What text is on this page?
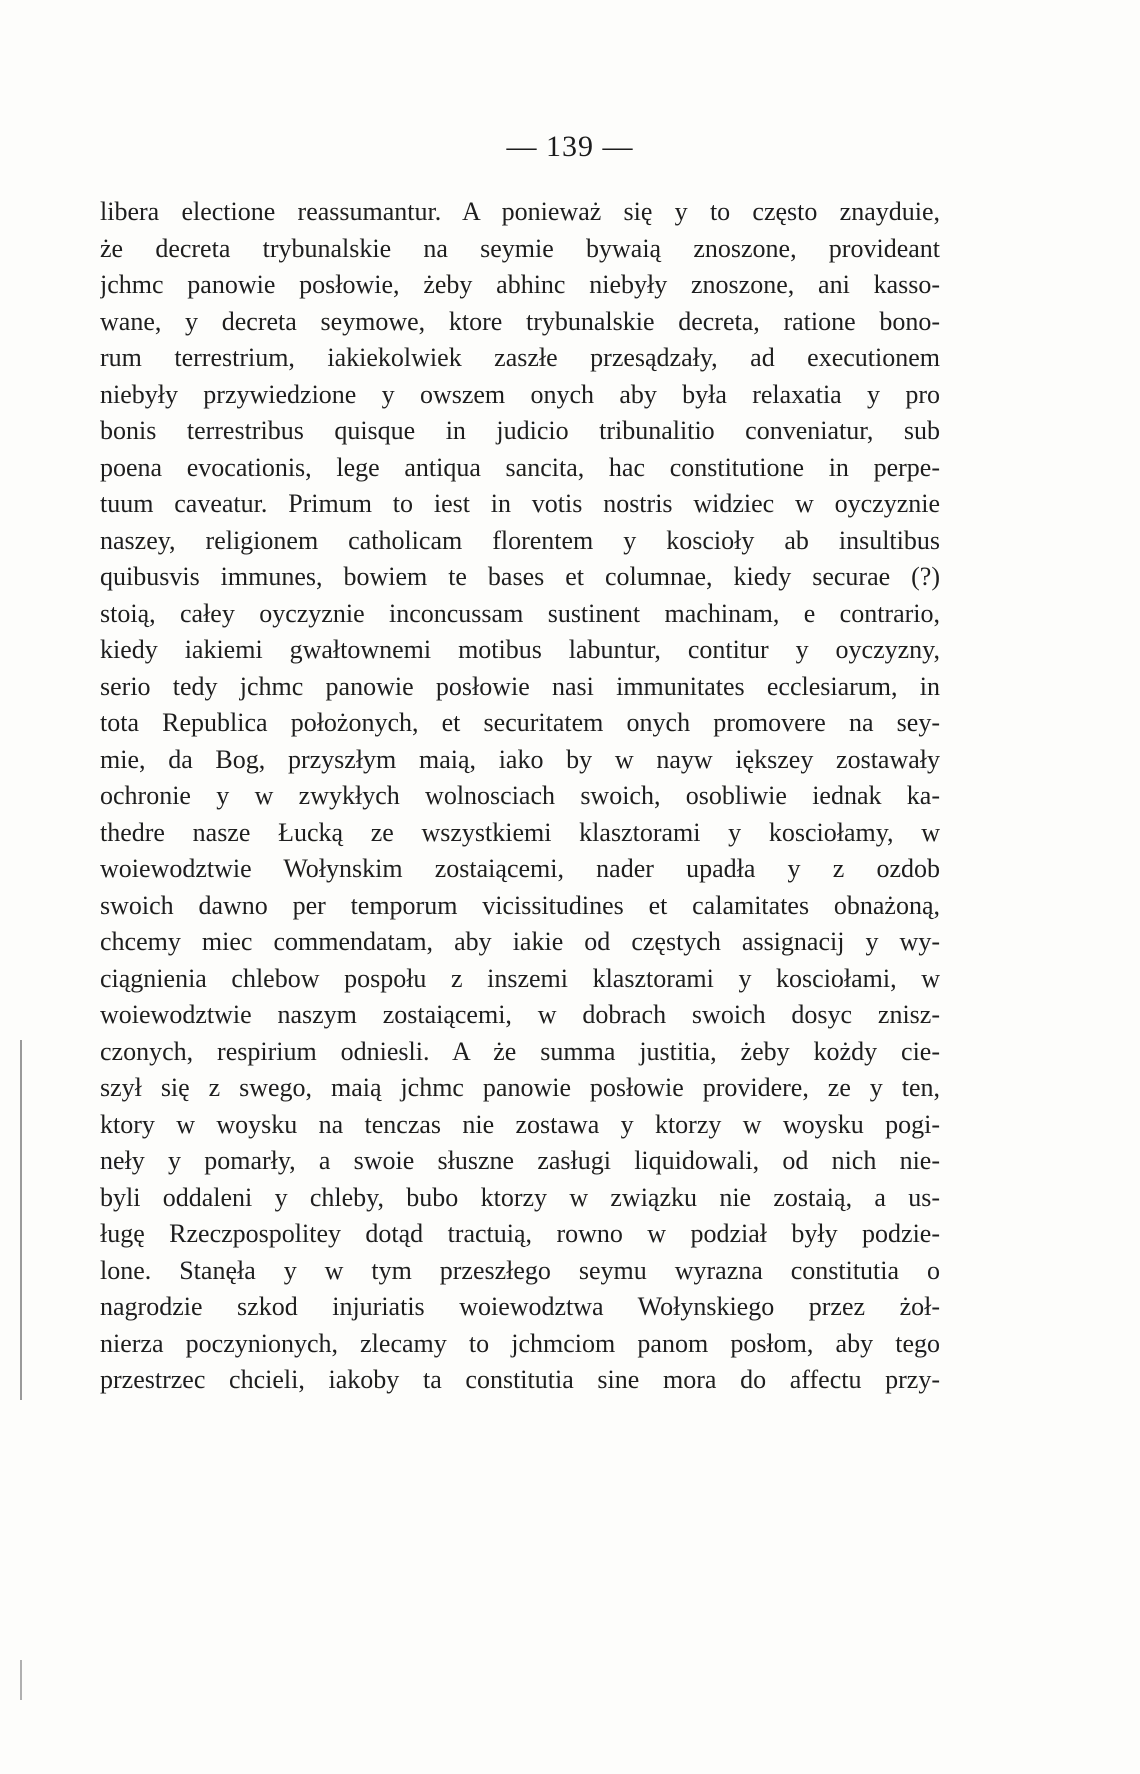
— 139 —
libera electione reassumantur. A ponieważ się y to często znayduie,
że decreta trybunalskie na seymie bywaią znoszone, provideant
jchmc panowie posłowie, żeby abhinc niebyły znoszone, ani kasso-
wane, y decreta seymowe, ktore trybunalskie decreta, ratione bono-
rum terrestrium, iakiekolwiek zaszłe przesądzały, ad executionem
niebyły przywiedzione y owszem onych aby była relaxatia y pro
bonis terrestribus quisque in judicio tribunalitio conveniatur, sub
poena evocationis, lege antiqua sancita, hac constitutione in perpe-
tuum caveatur. Primum to iest in votis nostris widziec w oyczyznie
naszey, religionem catholicam florentem y kosciołу ab insultibus
quibusvis immunes, bowiem te bases et columnae, kiedy securae (?)
stoią, całey oyczyznie inconcussam sustinent machinam, e contrario,
kiedy iakiemi gwałtownemi motibus labuntur, contitur y oyczyzny,
serio tedy jchmc panowie posłowie nasi immunitates ecclesiarum, in
tota Republica położonych, et securitatem onych promovere na sey-
mie, da Bog, przyszłym maią, iako by w nayw iększey zostawały
ochronie y w zwykłych wolnosciach swoich, osobliwie iednak ka-
thedre nasze Łucką ze wszystkiemi klasztorami y kosciołamy, w
woiewodztwie Wołynskim zostaiącemi, nader upadła y z ozdob
swoich dawno per temporum vicissitudines et calamitates obnażoną,
chcemy miec commendatam, aby iakie od częstych assignacij y wy-
ciągnienia chlebow pospołu z inszemi klasztorami y kosciołami, w
woiewodztwie naszym zostaiącemi, w dobrach swoich dosyc znisz-
czonych, respirium odniesli. A że summa justitia, żeby kożdy cie-
szył się z swego, maią jchmc panowie posłowie providere, ze y ten,
ktory w woysku na tenczas nie zostawa y ktorzy w woysku pogi-
neły y pomarły, a swoie słuszne zasługi liquidowali, od nich nie-
byli oddaleni y chleby, bubo ktorzy w związku nie zostaią, a us-
ługę Rzeczpospolitey dotąd tractuią, rowno w podział były podzie-
lone. Stanęła y w tym przeszłego seymu wyrazna constitutia o
nagrodzie szkod injuriatis woiewodztwa Wołynskiego przez żoł-
nierza poczynionych, zlecamy to jchmciom panom posłom, aby tego
przestrzec chcieli, iakoby ta constitutia sine mora do affectu przy-
